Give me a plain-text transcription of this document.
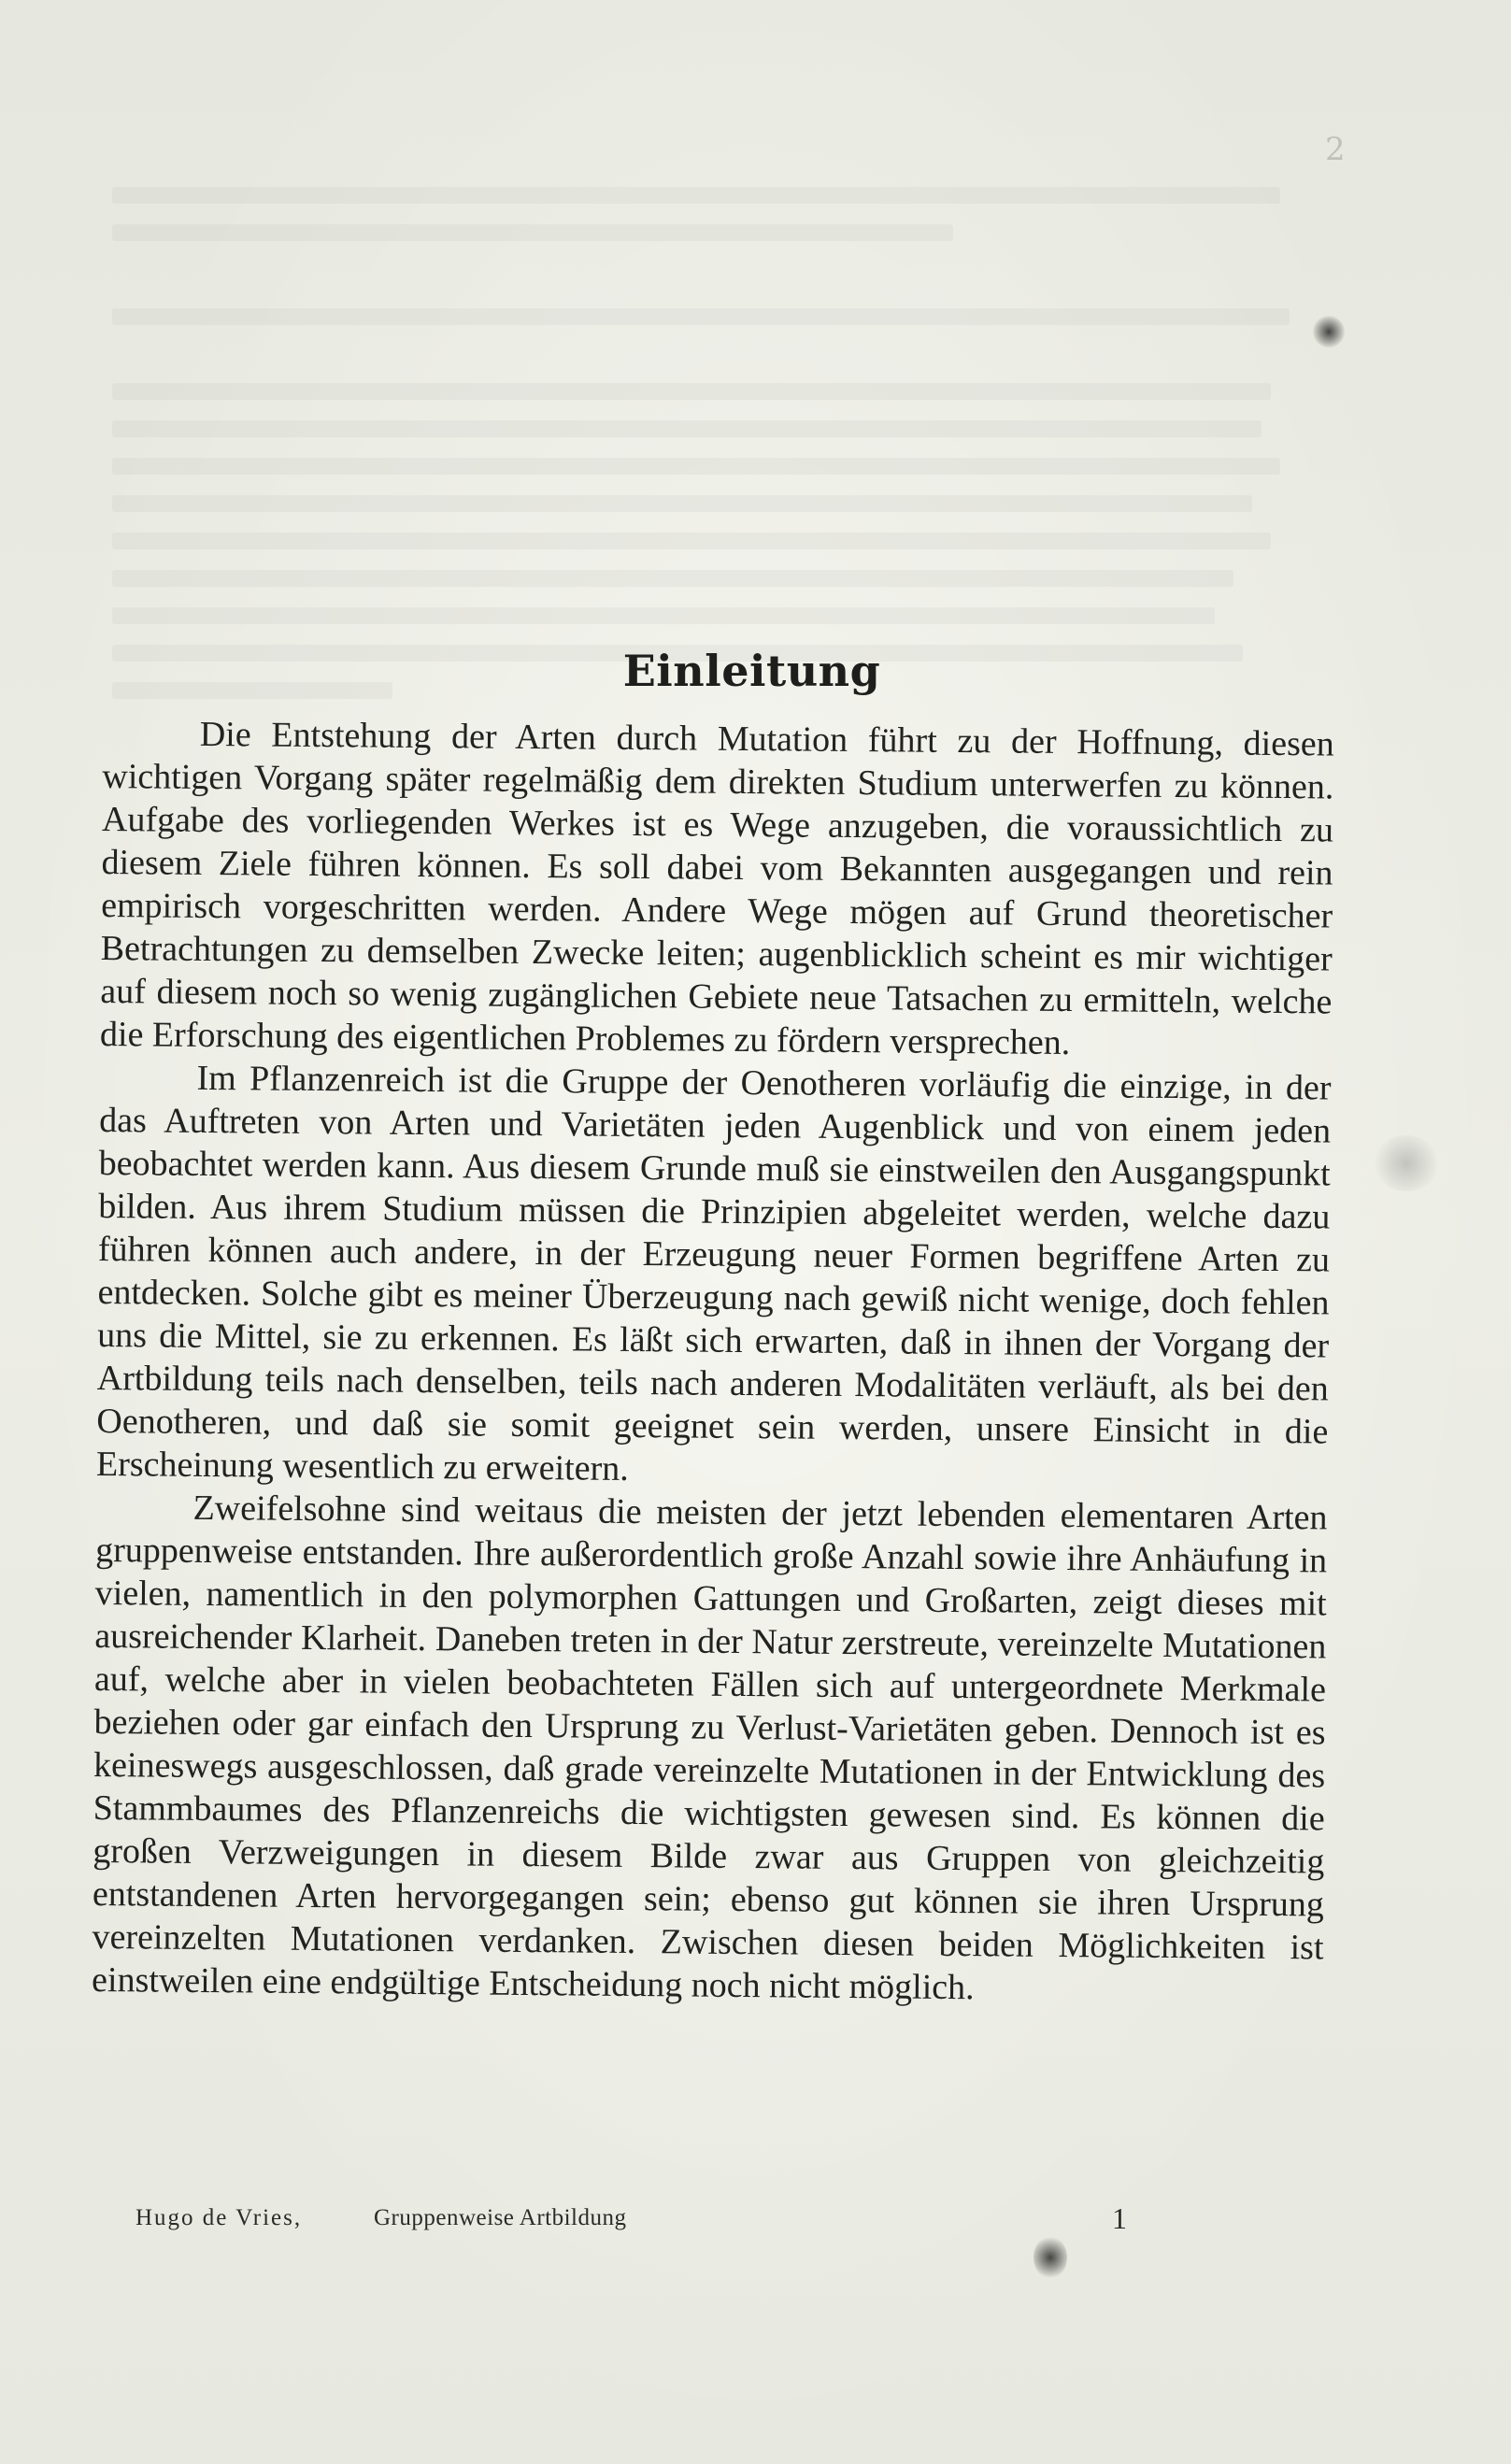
2
Einleitung

Die Entstehung der Arten durch Mutation führt zu der Hoffnung, diesen wichtigen Vorgang später regelmäßig dem direkten Studium unterwerfen zu können. Aufgabe des vorliegenden Werkes ist es Wege anzugeben, die voraussichtlich zu diesem Ziele führen können. Es soll dabei vom Bekannten ausgegangen und rein empirisch vorgeschritten werden. Andere Wege mögen auf Grund theoretischer Betrachtungen zu demselben Zwecke leiten; augenblicklich scheint es mir wichtiger auf diesem noch so wenig zugänglichen Gebiete neue Tatsachen zu ermitteln, welche die Erforschung des eigentlichen Problemes zu fördern versprechen.

Im Pflanzenreich ist die Gruppe der Oenotheren vorläufig die einzige, in der das Auftreten von Arten und Varietäten jeden Augenblick und von einem jeden beobachtet werden kann. Aus diesem Grunde muß sie einstweilen den Ausgangspunkt bilden. Aus ihrem Studium müssen die Prinzipien abgeleitet werden, welche dazu führen können auch andere, in der Erzeugung neuer Formen begriffene Arten zu entdecken. Solche gibt es meiner Überzeugung nach gewiß nicht wenige, doch fehlen uns die Mittel, sie zu erkennen. Es läßt sich erwarten, daß in ihnen der Vorgang der Artbildung teils nach denselben, teils nach anderen Modalitäten verläuft, als bei den Oenotheren, und daß sie somit geeignet sein werden, unsere Einsicht in die Erscheinung wesentlich zu erweitern.

Zweifelsohne sind weitaus die meisten der jetzt lebenden elementaren Arten gruppenweise entstanden. Ihre außerordentlich große Anzahl sowie ihre Anhäufung in vielen, namentlich in den polymorphen Gattungen und Großarten, zeigt dieses mit ausreichender Klarheit. Daneben treten in der Natur zerstreute, vereinzelte Mutationen auf, welche aber in vielen beobachteten Fällen sich auf untergeordnete Merkmale beziehen oder gar einfach den Ursprung zu Verlust-Varietäten geben. Dennoch ist es keineswegs ausgeschlossen, daß grade vereinzelte Mutationen in der Entwicklung des Stammbaumes des Pflanzenreichs die wichtigsten gewesen sind. Es können die großen Verzweigungen in diesem Bilde zwar aus Gruppen von gleichzeitig entstandenen Arten hervorgegangen sein; ebenso gut können sie ihren Ursprung vereinzelten Mutationen verdanken. Zwischen diesen beiden Möglichkeiten ist einstweilen eine endgültige Entscheidung noch nicht möglich.

Hugo de Vries,	Gruppenweise Artbildung	1
